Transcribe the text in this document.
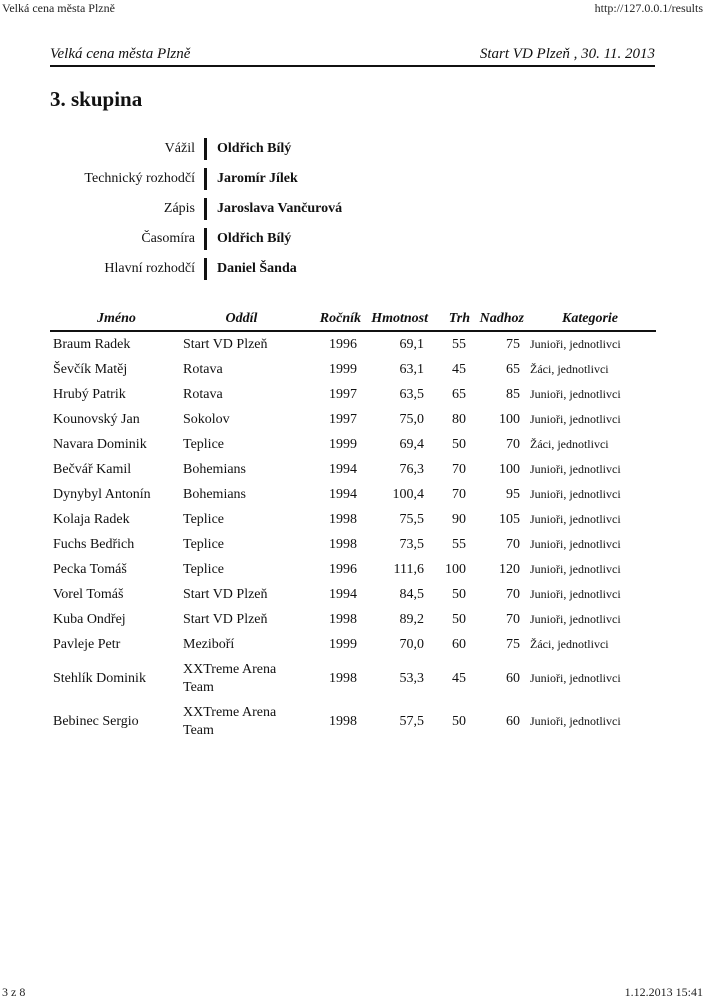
Velká cena města Plzně	http://127.0.0.1/results
Velká cena města Plzně	Start VD Plzeň , 30. 11. 2013
3. skupina
Vážil Oldřich Bílý
Technický rozhodčí Jaromír Jílek
Zápis Jaroslava Vančurová
Časomíra Oldřich Bílý
Hlavní rozhodčí Daniel Šanda
Jméno	Oddíl	Ročník	Hmotnost	Trh	Nadhoz	Kategorie
Braum Radek	Start VD Plzeň	1996	69,1	55	75	Junioři, jednotlivci
Ševčík Matěj	Rotava	1999	63,1	45	65	Žáci, jednotlivci
Hrubý Patrik	Rotava	1997	63,5	65	85	Junioři, jednotlivci
Kounovský Jan	Sokolov	1997	75,0	80	100	Junioři, jednotlivci
Navara Dominik	Teplice	1999	69,4	50	70	Žáci, jednotlivci
Bečvář Kamil	Bohemians	1994	76,3	70	100	Junioři, jednotlivci
Dynybyl Antonín	Bohemians	1994	100,4	70	95	Junioři, jednotlivci
Kolaja Radek	Teplice	1998	75,5	90	105	Junioři, jednotlivci
Fuchs Bedřich	Teplice	1998	73,5	55	70	Junioři, jednotlivci
Pecka Tomáš	Teplice	1996	111,6	100	120	Junioři, jednotlivci
Vorel Tomáš	Start VD Plzeň	1994	84,5	50	70	Junioři, jednotlivci
Kuba Ondřej	Start VD Plzeň	1998	89,2	50	70	Junioři, jednotlivci
Pavleje Petr	Meziboří	1999	70,0	60	75	Žáci, jednotlivci
Stehlík Dominik	XXTreme Arena Team	1998	53,3	45	60	Junioři, jednotlivci
Bebinec Sergio	XXTreme Arena Team	1998	57,5	50	60	Junioři, jednotlivci
3 z 8	1.12.2013 15:41
